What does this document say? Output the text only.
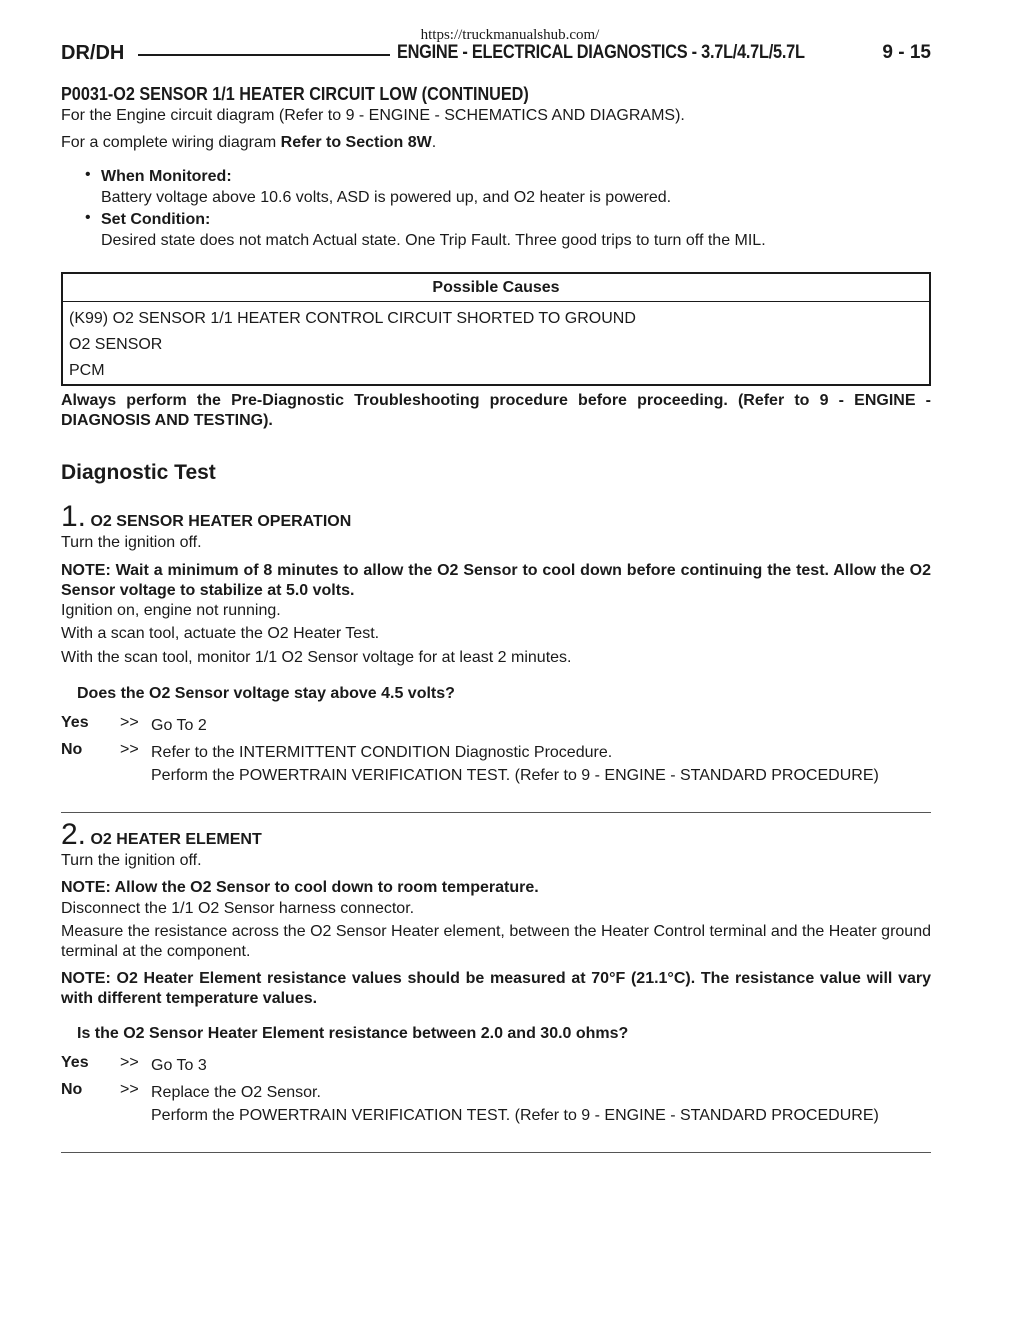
https://truckmanualshub.com/
DR/DH	ENGINE - ELECTRICAL DIAGNOSTICS - 3.7L/4.7L/5.7L	9 - 15
P0031-O2 SENSOR 1/1 HEATER CIRCUIT LOW (CONTINUED)
For the Engine circuit diagram (Refer to 9 - ENGINE - SCHEMATICS AND DIAGRAMS).
For a complete wiring diagram Refer to Section 8W.
• When Monitored:
Battery voltage above 10.6 volts, ASD is powered up, and O2 heater is powered.
• Set Condition:
Desired state does not match Actual state. One Trip Fault. Three good trips to turn off the MIL.
Possible Causes
(K99) O2 SENSOR 1/1 HEATER CONTROL CIRCUIT SHORTED TO GROUND
O2 SENSOR
PCM
Always perform the Pre-Diagnostic Troubleshooting procedure before proceeding. (Refer to 9 - ENGINE - DIAGNOSIS AND TESTING).
Diagnostic Test
1. O2 SENSOR HEATER OPERATION
Turn the ignition off.
NOTE: Wait a minimum of 8 minutes to allow the O2 Sensor to cool down before continuing the test. Allow the O2 Sensor voltage to stabilize at 5.0 volts.
Ignition on, engine not running.
With a scan tool, actuate the O2 Heater Test.
With the scan tool, monitor 1/1 O2 Sensor voltage for at least 2 minutes.
Does the O2 Sensor voltage stay above 4.5 volts?
Yes >> Go To 2
No >> Refer to the INTERMITTENT CONDITION Diagnostic Procedure.
Perform the POWERTRAIN VERIFICATION TEST. (Refer to 9 - ENGINE - STANDARD PROCEDURE)
2. O2 HEATER ELEMENT
Turn the ignition off.
NOTE: Allow the O2 Sensor to cool down to room temperature.
Disconnect the 1/1 O2 Sensor harness connector.
Measure the resistance across the O2 Sensor Heater element, between the Heater Control terminal and the Heater ground terminal at the component.
NOTE: O2 Heater Element resistance values should be measured at 70°F (21.1°C). The resistance value will vary with different temperature values.
Is the O2 Sensor Heater Element resistance between 2.0 and 30.0 ohms?
Yes >> Go To 3
No >> Replace the O2 Sensor.
Perform the POWERTRAIN VERIFICATION TEST. (Refer to 9 - ENGINE - STANDARD PROCEDURE)
